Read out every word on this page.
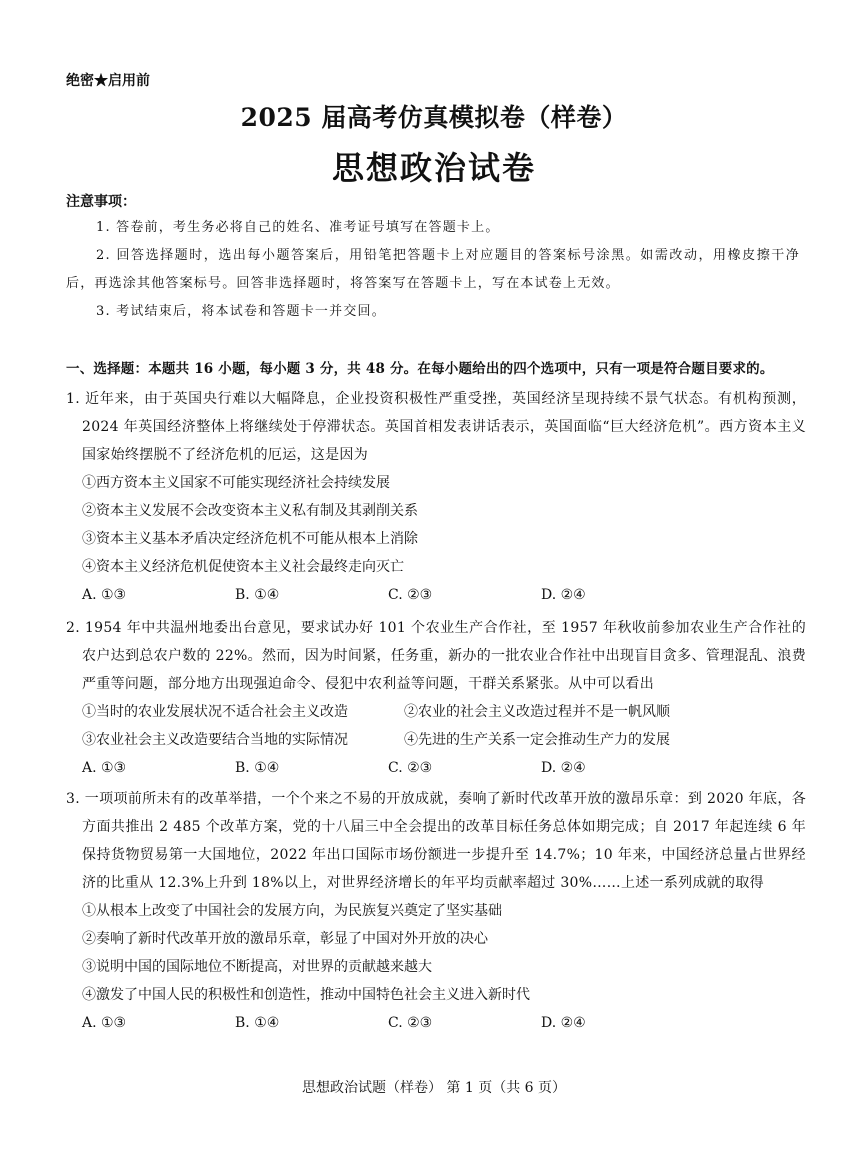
绝密★启用前
2025 届高考仿真模拟卷（样卷）
思想政治试卷
注意事项：
1. 答卷前，考生务必将自己的姓名、准考证号填写在答题卡上。
2. 回答选择题时，选出每小题答案后，用铅笔把答题卡上对应题目的答案标号涂黑。如需改动，用橡皮擦干净后，再选涂其他答案标号。回答非选择题时，将答案写在答题卡上，写在本试卷上无效。
3. 考试结束后，将本试卷和答题卡一并交回。
一、选择题：本题共 16 小题，每小题 3 分，共 48 分。在每小题给出的四个选项中，只有一项是符合题目要求的。

1. 近年来，由于英国央行难以大幅降息，企业投资积极性严重受挫，英国经济呈现持续不景气状态。有机构预测，2024 年英国经济整体上将继续处于停滞状态。英国首相发表讲话表示，英国面临“巨大经济危机”。西方资本主义国家始终摆脱不了经济危机的厄运，这是因为

①西方资本主义国家不可能实现经济社会持续发展

②资本主义发展不会改变资本主义私有制及其剥削关系

③资本主义基本矛盾决定经济危机不可能从根本上消除

④资本主义经济危机促使资本主义社会最终走向灭亡

A. ①③	B. ①④	C. ②③	D. ②④

2. 1954 年中共温州地委出台意见，要求试办好 101 个农业生产合作社，至 1957 年秋收前参加农业生产合作社的农户达到总农户数的 22%。然而，因为时间紧，任务重，新办的一批农业合作社中出现盲目贪多、管理混乱、浪费严重等问题，部分地方出现强迫命令、侵犯中农利益等问题，干群关系紧张。从中可以看出

①当时的农业发展状况不适合社会主义改造	②农业的社会主义改造过程并不是一帆风顺
③农业社会主义改造要结合当地的实际情况	④先进的生产关系一定会推动生产力的发展
A. ①③	B. ①④	C. ②③	D. ②④

3. 一项项前所未有的改革举措，一个个来之不易的开放成就，奏响了新时代改革开放的激昂乐章：到 2020 年底，各方面共推出 2 485 个改革方案，党的十八届三中全会提出的改革目标任务总体如期完成；自 2017 年起连续 6 年保持货物贸易第一大国地位，2022 年出口国际市场份额进一步提升至 14.7%；10 年来，中国经济总量占世界经济的比重从 12.3%上升到 18%以上，对世界经济增长的年平均贡献率超过 30%……上述一系列成就的取得

①从根本上改变了中国社会的发展方向，为民族复兴奠定了坚实基础

②奏响了新时代改革开放的激昂乐章，彰显了中国对外开放的决心

③说明中国的国际地位不断提高，对世界的贡献越来越大

④激发了中国人民的积极性和创造性，推动中国特色社会主义进入新时代

A. ①③	B. ①④	C. ②③	D. ②④
思想政治试题（样卷） 第 1 页（共 6 页）
